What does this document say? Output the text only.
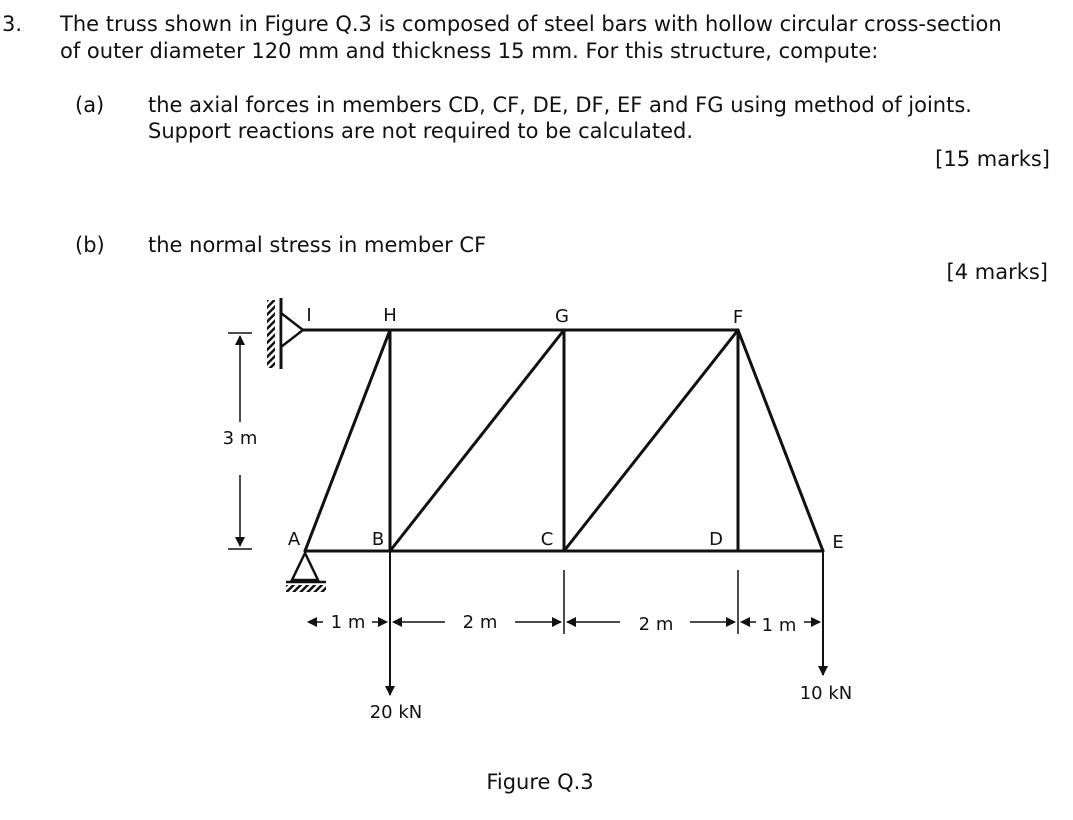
3. The truss shown in Figure Q.3 is composed of steel bars with hollow circular cross-section
of outer diameter 120 mm and thickness 15 mm. For this structure, compute:
(a) the axial forces in members CD, CF, DE, DF, EF and FG using method of joints.
Support reactions are not required to be calculated.
[15 marks]
(b) the normal stress in member CF
[4 marks]
3 m
1 m	2 m	2 m	1 m
20 kN
10 kN
I	H	G	F
A	B	C	D	E
Figure Q.3
